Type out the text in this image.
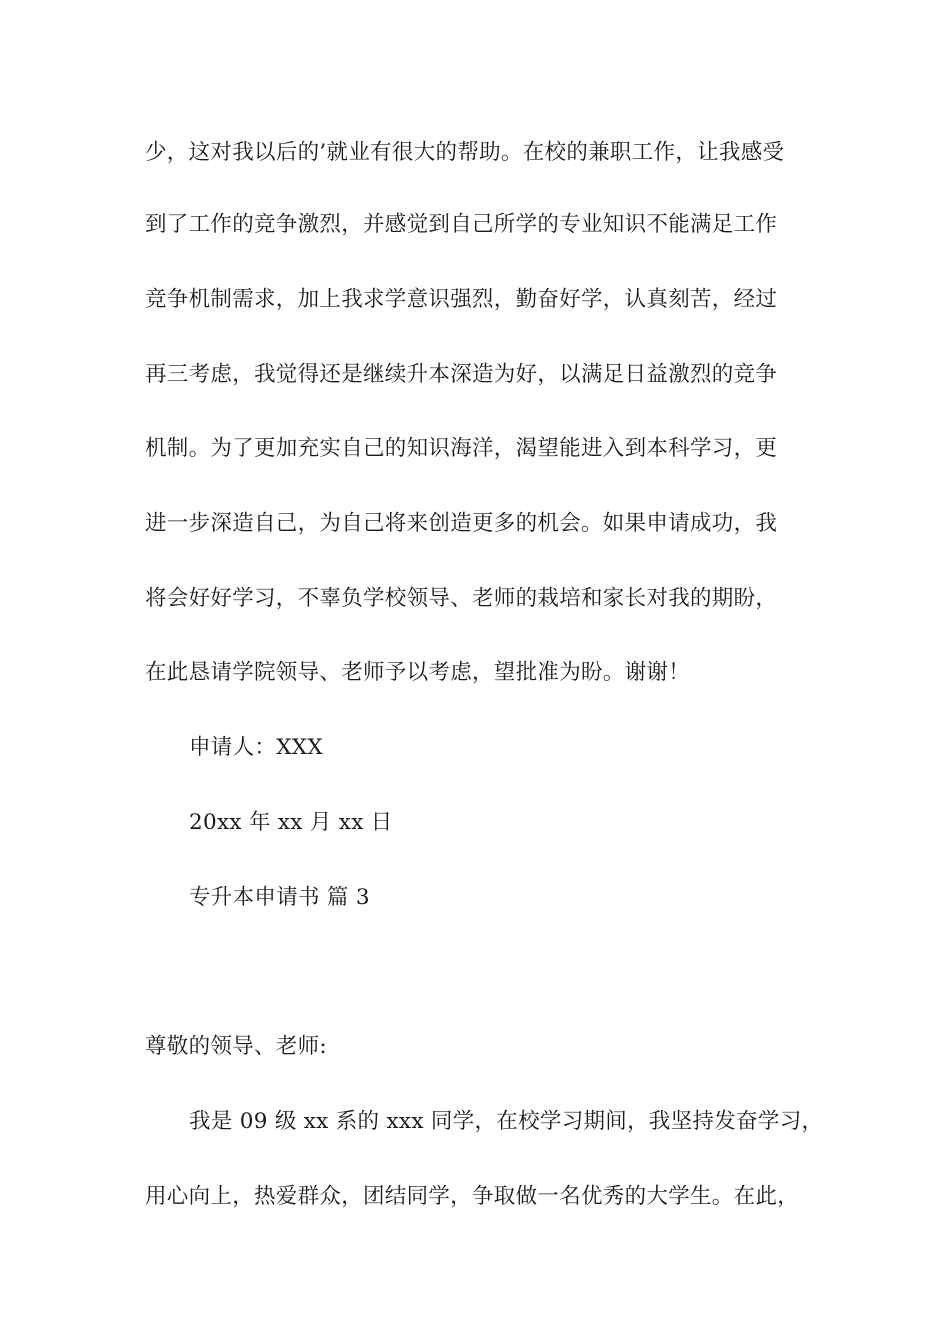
少，这对我以后的’就业有很大的帮助。在校的兼职工作，让我感受
到了工作的竞争激烈，并感觉到自己所学的专业知识不能满足工作
竞争机制需求，加上我求学意识强烈，勤奋好学，认真刻苦，经过
再三考虑，我觉得还是继续升本深造为好，以满足日益激烈的竞争
机制。为了更加充实自己的知识海洋，渴望能进入到本科学习，更
进一步深造自己，为自己将来创造更多的机会。如果申请成功，我
将会好好学习，不辜负学校领导、老师的栽培和家长对我的期盼，
在此恳请学院领导、老师予以考虑，望批准为盼。谢谢！
申请人：XXX
20xx 年 xx 月 xx 日
专升本申请书 篇 3
尊敬的领导、老师:
我是 09 级 xx 系的 xxx 同学，在校学习期间，我坚持发奋学习，
用心向上，热爱群众，团结同学，争取做一名优秀的大学生。在此，
